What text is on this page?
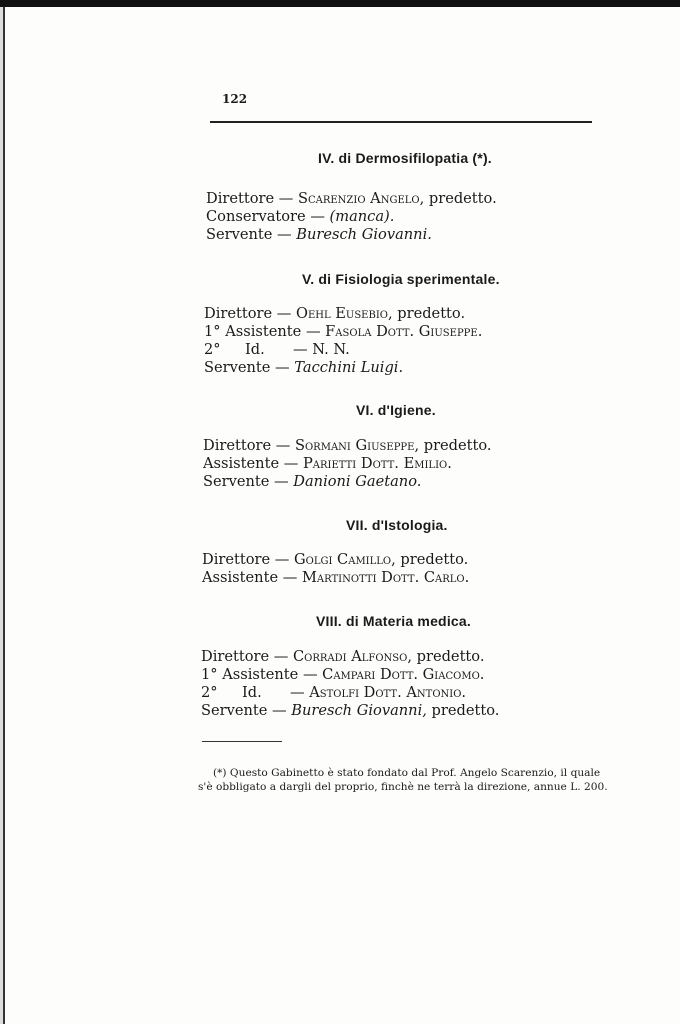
122
IV. di Dermosifilopatia (*).
Direttore — Scarenzio Angelo, predetto.
Conservatore — (manca).
Servente — Buresch Giovanni.
V. di Fisiologia sperimentale.
Direttore — Oehl Eusebio, predetto.
1° Assistente — Fasola Dott. Giuseppe.
2° Id. — N. N.
Servente — Tacchini Luigi.
VI. d'Igiene.
Direttore — Sormani Giuseppe, predetto.
Assistente — Parietti Dott. Emilio.
Servente — Danioni Gaetano.
VII. d'Istologia.
Direttore — Golgi Camillo, predetto.
Assistente — Martinotti Dott. Carlo.
VIII. di Materia medica.
Direttore — Corradi Alfonso, predetto.
1° Assistente — Campari Dott. Giacomo.
2° Id. — Astolfi Dott. Antonio.
Servente — Buresch Giovanni, predetto.
(*) Questo Gabinetto è stato fondato dal Prof. Angelo Scarenzio, il quale
s'è obbligato a dargli del proprio, finchè ne terrà la direzione, annue L. 200.
